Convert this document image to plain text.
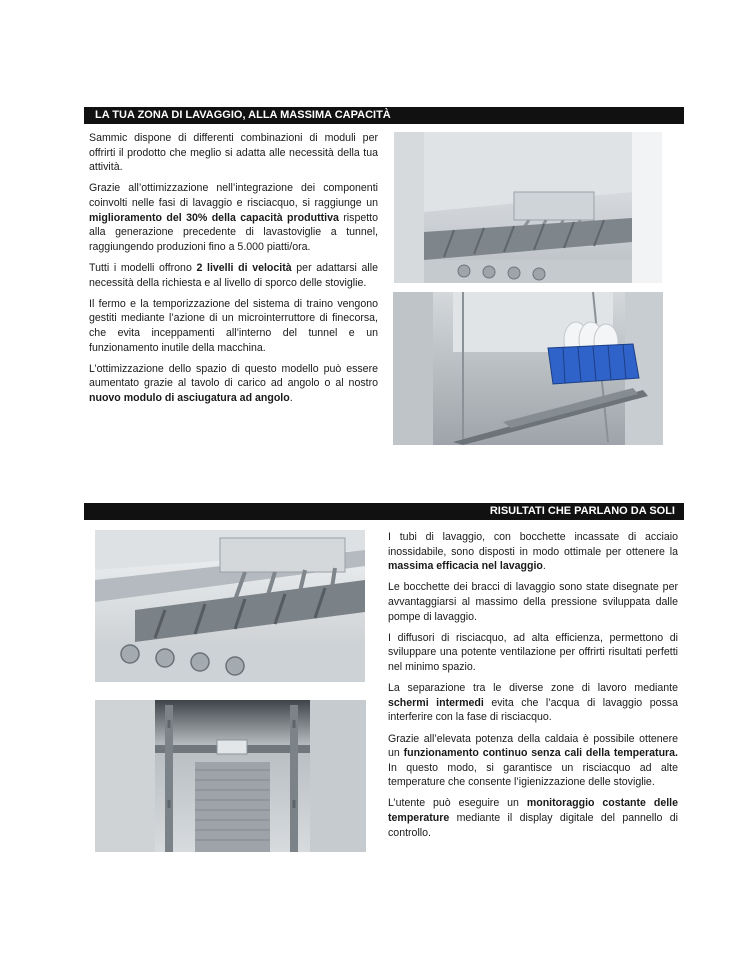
LA TUA ZONA DI LAVAGGIO, ALLA MASSIMA CAPACITÀ

Sammic dispone di differenti combinazioni di moduli per offrirti il prodotto che meglio si adatta alle necessità della tua attività.

Grazie all’ottimizzazione nell’integrazione dei componenti coinvolti nelle fasi di lavaggio e risciacquo, si raggiunge un miglioramento del 30% della capacità produttiva rispetto alla generazione precedente di lavastoviglie a tunnel, raggiungendo produzioni fino a 5.000 piatti/ora.

Tutti i modelli offrono 2 livelli di velocità per adattarsi alle necessità della richiesta e al livello di sporco delle stoviglie.

Il fermo e la temporizzazione del sistema di traino vengono gestiti mediante l’azione di un microinterruttore di finecorsa, che evita inceppamenti all’interno del tunnel e un funzionamento inutile della macchina.

L’ottimizzazione dello spazio di questo modello può essere aumentato grazie al tavolo di carico ad angolo o al nostro nuovo modulo di asciugatura ad angolo.

RISULTATI CHE PARLANO DA SOLI

I tubi di lavaggio, con bocchette incassate di acciaio inossidabile, sono disposti in modo ottimale per ottenere la massima efficacia nel lavaggio.

Le bocchette dei bracci di lavaggio sono state disegnate per avvantaggiarsi al massimo della pressione sviluppata dalle pompe di lavaggio.

I diffusori di risciacquo, ad alta efficienza, permettono di sviluppare una potente ventilazione per offrirti risultati perfetti nel minimo spazio.

La separazione tra le diverse zone di lavoro mediante schermi intermedi evita che l’acqua di lavaggio possa interferire con la fase di risciacquo.

Grazie all’elevata potenza della caldaia è possibile ottenere un funzionamento continuo senza cali della temperatura. In questo modo, si garantisce un risciacquo ad alte temperature che consente l’igienizzazione delle stoviglie.

L’utente può eseguire un monitoraggio costante delle temperature mediante il display digitale del pannello di controllo.
